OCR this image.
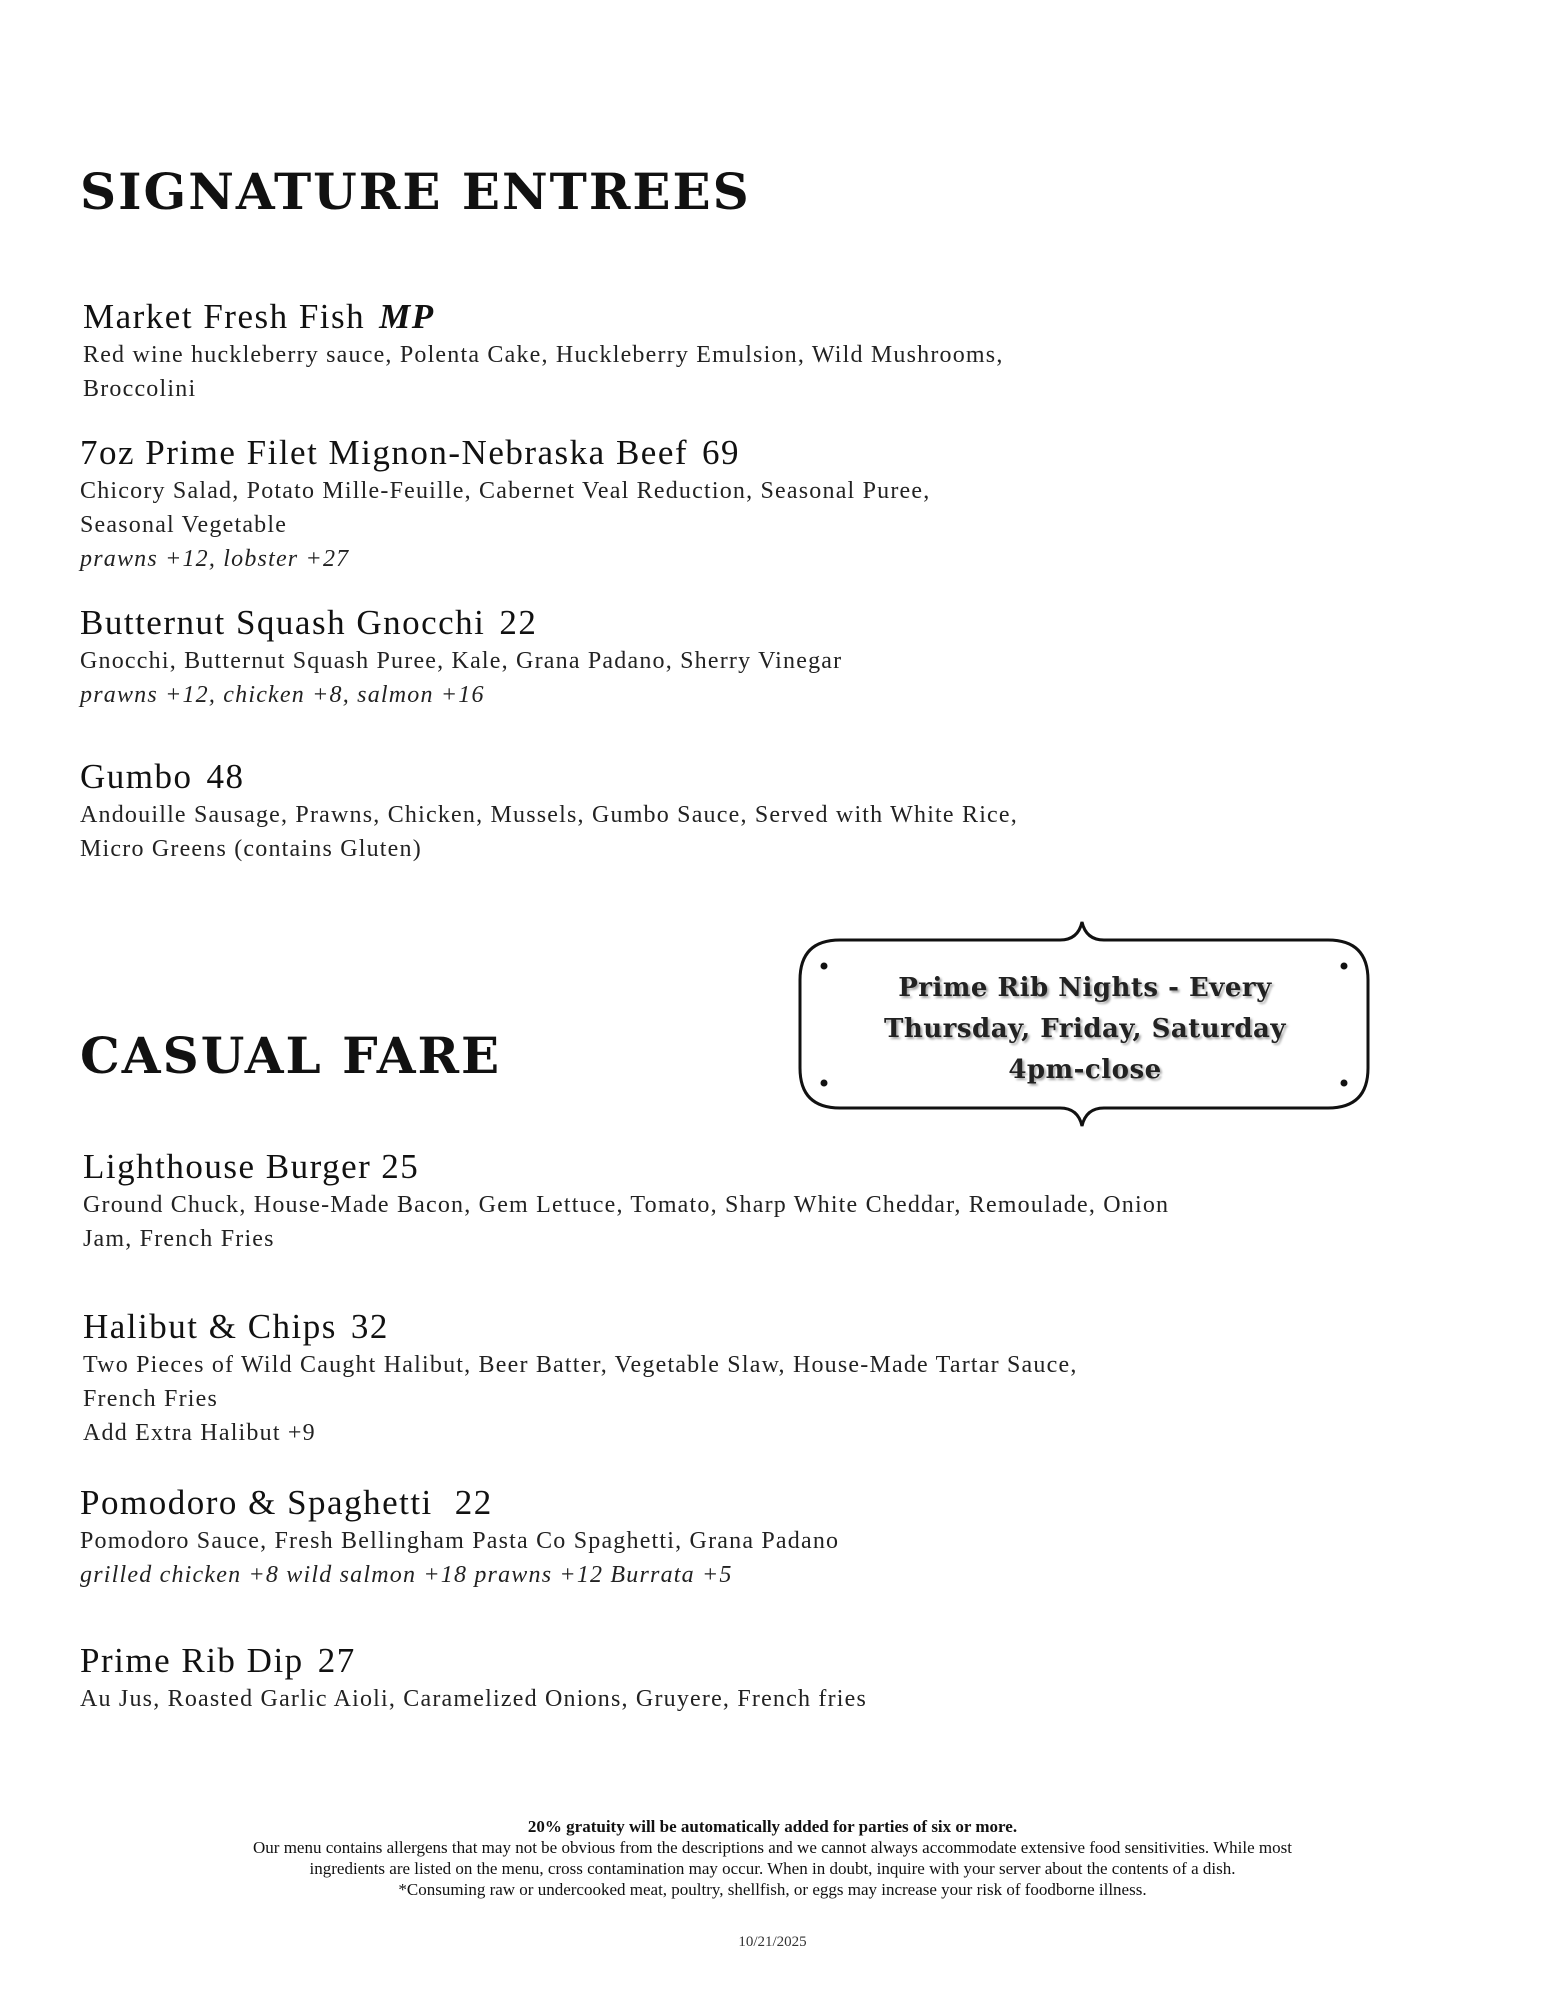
SIGNATURE ENTREES
Market Fresh Fish MP
Red wine huckleberry sauce, Polenta Cake, Huckleberry Emulsion, Wild Mushrooms,
Broccolini
7oz Prime Filet Mignon-Nebraska Beef 69
Chicory Salad, Potato Mille-Feuille, Cabernet Veal Reduction, Seasonal Puree,
Seasonal Vegetable
prawns +12, lobster +27
Butternut Squash Gnocchi 22
Gnocchi, Butternut Squash Puree, Kale, Grana Padano, Sherry Vinegar
prawns +12, chicken +8, salmon +16
Gumbo 48
Andouille Sausage, Prawns, Chicken, Mussels, Gumbo Sauce, Served with White Rice,
Micro Greens (contains Gluten)
Prime Rib Nights - Every
Thursday, Friday, Saturday
4pm-close
CASUAL FARE
Lighthouse Burger 25
Ground Chuck, House-Made Bacon, Gem Lettuce, Tomato, Sharp White Cheddar, Remoulade, Onion
Jam, French Fries
Halibut & Chips 32
Two Pieces of Wild Caught Halibut, Beer Batter, Vegetable Slaw, House-Made Tartar Sauce,
French Fries
Add Extra Halibut +9
Pomodoro & Spaghetti 22
Pomodoro Sauce, Fresh Bellingham Pasta Co Spaghetti, Grana Padano
grilled chicken +8 wild salmon +18 prawns +12 Burrata +5
Prime Rib Dip 27
Au Jus, Roasted Garlic Aioli, Caramelized Onions, Gruyere, French fries
20% gratuity will be automatically added for parties of six or more.
Our menu contains allergens that may not be obvious from the descriptions and we cannot always accommodate extensive food sensitivities. While most
ingredients are listed on the menu, cross contamination may occur. When in doubt, inquire with your server about the contents of a dish.
*Consuming raw or undercooked meat, poultry, shellfish, or eggs may increase your risk of foodborne illness.
10/21/2025
